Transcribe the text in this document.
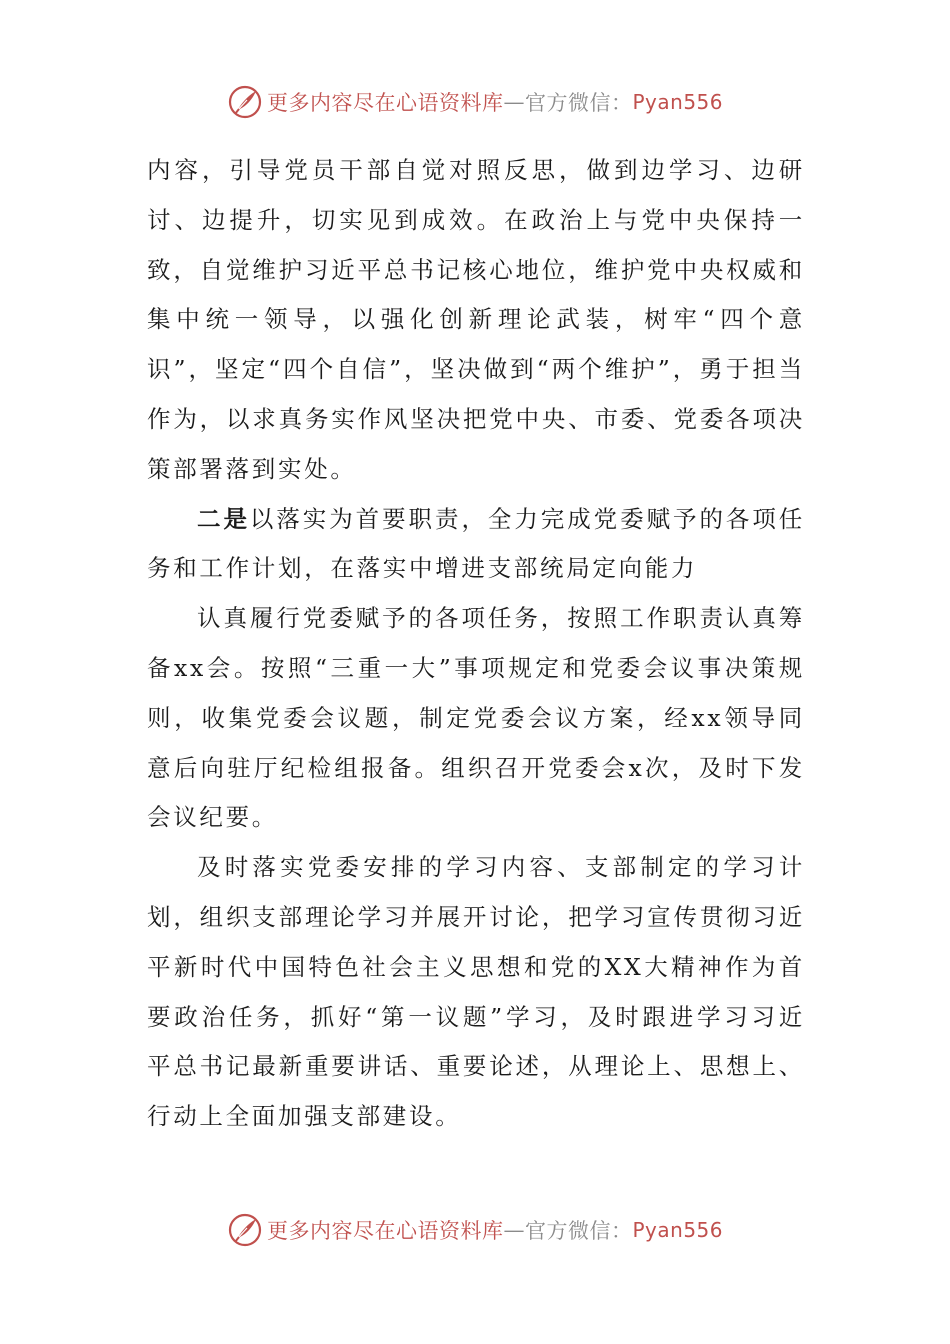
更多内容尽在心语资料库 — 官方微信： Pyan556

内容，引导党员干部自觉对照反思，做到边学习、边研讨、边提升，切实见到成效。在政治上与党中央保持一致，自觉维护习近平总书记核心地位，维护党中央权威和集中统一领导，以强化创新理论武装，树牢“四个意识”，坚定“四个自信”，坚决做到“两个维护”，勇于担当作为，以求真务实作风坚决把党中央、市委、党委各项决策部署落到实处。

二是以落实为首要职责，全力完成党委赋予的各项任务和工作计划，在落实中增进支部统局定向能力

认真履行党委赋予的各项任务，按照工作职责认真筹备xx会。按照“三重一大”事项规定和党委会议事决策规则，收集党委会议题，制定党委会议方案，经xx领导同意后向驻厅纪检组报备。组织召开党委会x次，及时下发会议纪要。

及时落实党委安排的学习内容、支部制定的学习计划，组织支部理论学习并展开讨论，把学习宣传贯彻习近平新时代中国特色社会主义思想和党的XX大精神作为首要政治任务，抓好“第一议题”学习，及时跟进学习习近平总书记最新重要讲话、重要论述，从理论上、思想上、行动上全面加强支部建设。

更多内容尽在心语资料库 — 官方微信： Pyan556
